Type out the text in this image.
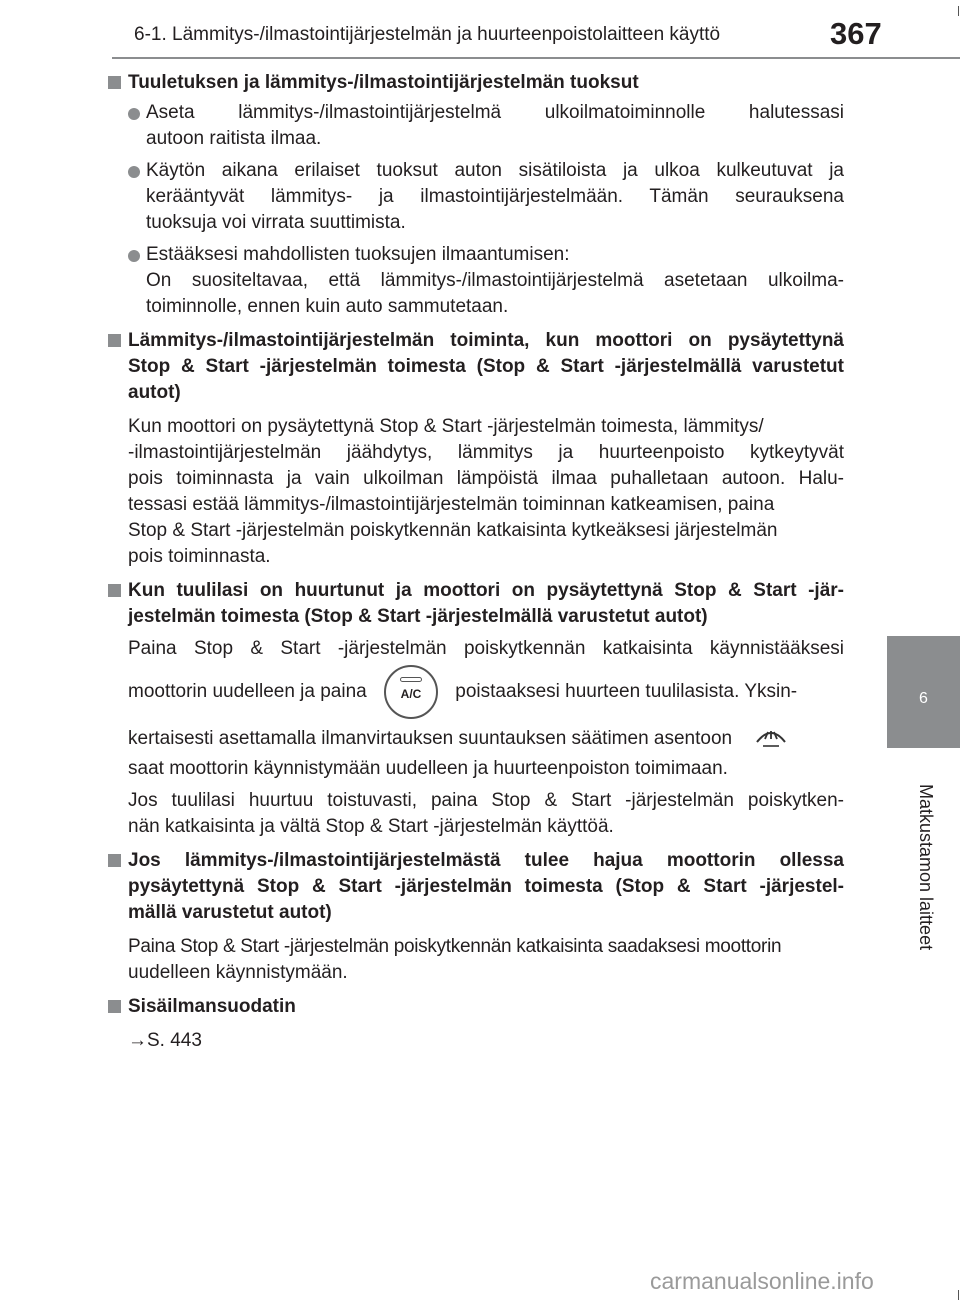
6-1. Lämmitys-/ilmastointijärjestelmän ja huurteenpoistolaitteen käyttö	367
6
Matkustamon laitteet
Tuuletuksen ja lämmitys-/ilmastointijärjestelmän tuoksut
Aseta lämmitys-/ilmastointijärjestelmä ulkoilmatoiminnolle halutessasi
autoon raitista ilmaa.
Käytön aikana erilaiset tuoksut auton sisätiloista ja ulkoa kulkeutuvat ja
kerääntyvät lämmitys- ja ilmastointijärjestelmään. Tämän seurauksena
tuoksuja voi virrata suuttimista.
Estääksesi mahdollisten tuoksujen ilmaantumisen:
On suositeltavaa, että lämmitys-/ilmastointijärjestelmä asetetaan ulkoilma-
toiminnolle, ennen kuin auto sammutetaan.
Lämmitys-/ilmastointijärjestelmän toiminta, kun moottori on pysäytettynä
Stop & Start -järjestelmän toimesta (Stop & Start -järjestelmällä varustetut
autot)
Kun moottori on pysäytettynä Stop & Start -järjestelmän toimesta, lämmitys/
-ilmastointijärjestelmän jäähdytys, lämmitys ja huurteenpoisto kytkeytyvät
pois toiminnasta ja vain ulkoilman lämpöistä ilmaa puhalletaan autoon. Halu-
tessasi estää lämmitys-/ilmastointijärjestelmän toiminnan katkeamisen, paina
Stop & Start -järjestelmän poiskytkennän katkaisinta kytkeäksesi järjestelmän
pois toiminnasta.
Kun tuulilasi on huurtunut ja moottori on pysäytettynä Stop & Start -jär-
jestelmän toimesta (Stop & Start -järjestelmällä varustetut autot)
Paina Stop & Start -järjestelmän poiskytkennän katkaisinta käynnistääksesi
moottorin uudelleen ja paina	A/C	poistaaksesi huurteen tuulilasista. Yksin-
kertaisesti asettamalla ilmanvirtauksen suuntauksen säätimen asentoon
saat moottorin käynnistymään uudelleen ja huurteenpoiston toimimaan.
Jos tuulilasi huurtuu toistuvasti, paina Stop & Start -järjestelmän poiskytken-
nän katkaisinta ja vältä Stop & Start -järjestelmän käyttöä.
Jos lämmitys-/ilmastointijärjestelmästä tulee hajua moottorin ollessa
pysäytettynä Stop & Start -järjestelmän toimesta (Stop & Start -järjestel-
mällä varustetut autot)
Paina Stop & Start -järjestelmän poiskytkennän katkaisinta saadaksesi moottorin
uudelleen käynnistymään.
Sisäilmansuodatin
→S. 443
carmanualsonline.info
